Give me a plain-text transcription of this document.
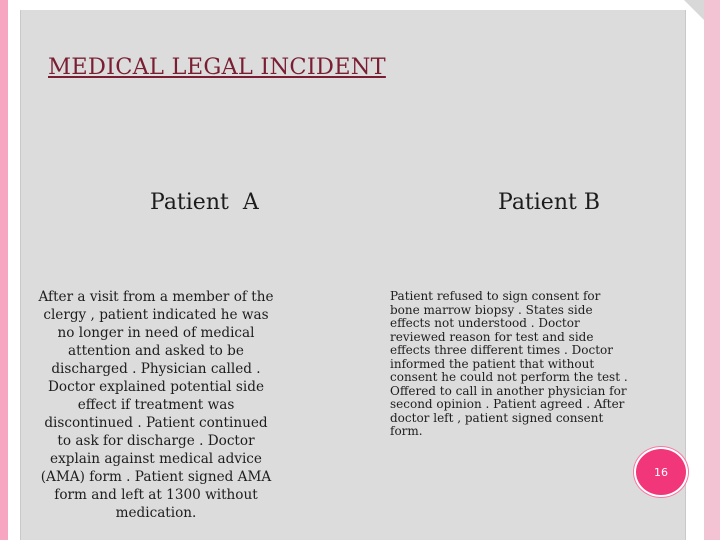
MEDICAL LEGAL INCIDENT
Patient  A	Patient B
After a visit from a member of the clergy , patient indicated he was no longer in need of medical attention and asked to be discharged . Physician called . Doctor explained potential side effect if treatment was discontinued . Patient continued to ask for discharge . Doctor explain against medical advice (AMA) form . Patient signed AMA form and left at 1300 without medication.
Patient refused to sign consent for bone marrow biopsy . States side effects not understood . Doctor reviewed reason for test and side effects three different times . Doctor informed the patient that without consent he could not perform the test . Offered to call in another physician for second opinion . Patient agreed . After doctor left , patient signed consent form.
16
